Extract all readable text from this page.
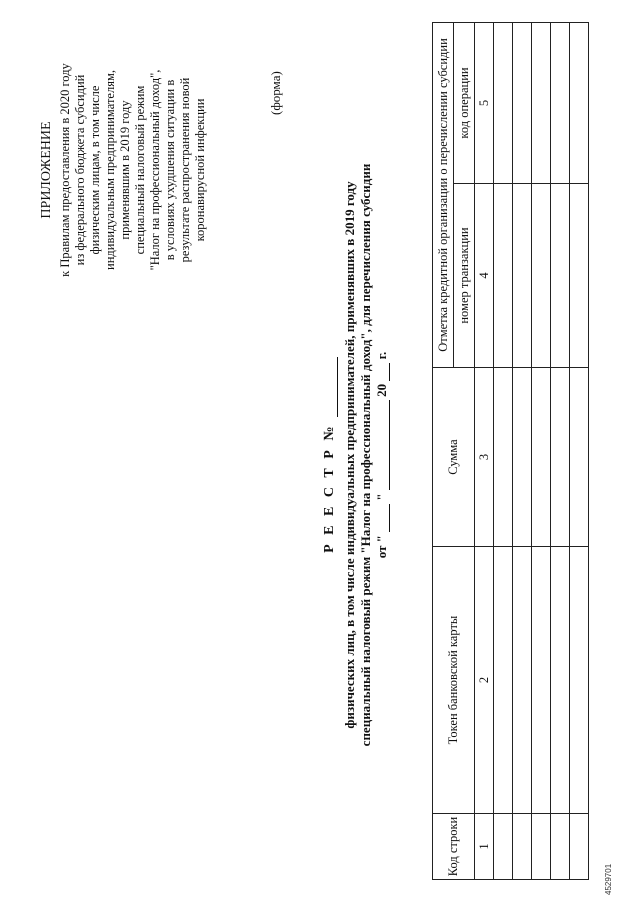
ПРИЛОЖЕНИЕ к Правилам предоставления в 2020 году из федерального бюджета субсидий физическим лицам, в том числе индивидуальным предпринимателям, применявшим в 2019 году специальный налоговый режим "Налог на профессиональный доход", в условиях ухудшения ситуации в результате распространения новой коронавирусной инфекции
(форма)
Р Е Е С Т Р № физических лиц, в том числе индивидуальных предпринимателей, применявших в 2019 году специальный налоговый режим "Налог на профессиональный доход", для перечисления субсидии от "  "  20  г.
Код строки	Токен банковской карты	Сумма	Отметка кредитной организации о перечислении субсидии	
			номер транзакции	код операции
1	2	3	4	5

4529701
